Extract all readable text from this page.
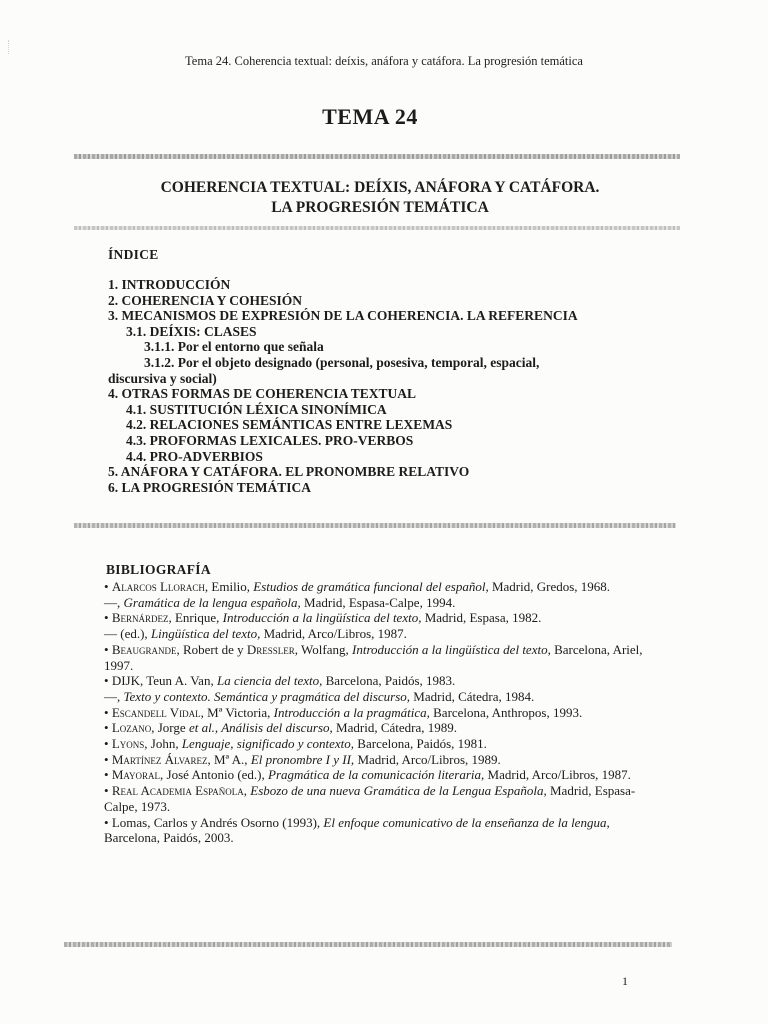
Tema 24. Coherencia textual: deíxis, anáfora y catáfora. La progresión temática
TEMA 24
COHERENCIA TEXTUAL: DEÍXIS, ANÁFORA Y CATÁFORA.
LA PROGRESIÓN TEMÁTICA
ÍNDICE
1. INTRODUCCIÓN
2. COHERENCIA Y COHESIÓN
3. MECANISMOS DE EXPRESIÓN DE LA COHERENCIA. LA REFERENCIA
3.1. DEÍXIS: CLASES
3.1.1. Por el entorno que señala
3.1.2. Por el objeto designado (personal, posesiva, temporal, espacial,
discursiva y social)
4. OTRAS FORMAS DE COHERENCIA TEXTUAL
4.1. SUSTITUCIÓN LÉXICA SINONÍMICA
4.2. RELACIONES SEMÁNTICAS ENTRE LEXEMAS
4.3. PROFORMAS LEXICALES. PRO-VERBOS
4.4. PRO-ADVERBIOS
5. ANÁFORA Y CATÁFORA. EL PRONOMBRE RELATIVO
6. LA PROGRESIÓN TEMÁTICA
BIBLIOGRAFÍA

• Alarcos Llorach, Emilio, Estudios de gramática funcional del español, Madrid, Gredos, 1968.

—, Gramática de la lengua española, Madrid, Espasa-Calpe, 1994.

• Bernárdez, Enrique, Introducción a la lingüística del texto, Madrid, Espasa, 1982.

— (ed.), Lingüística del texto, Madrid, Arco/Libros, 1987.

• Beaugrande, Robert de y Dressler, Wolfang, Introducción a la lingüística del texto, Barcelona, Ariel, 1997.

• DIJK, Teun A. Van, La ciencia del texto, Barcelona, Paidós, 1983.

—, Texto y contexto. Semántica y pragmática del discurso, Madrid, Cátedra, 1984.

• Escandell Vidal, Mª Victoria, Introducción a la pragmática, Barcelona, Anthropos, 1993.

• Lozano, Jorge et al., Análisis del discurso, Madrid, Cátedra, 1989.

• Lyons, John, Lenguaje, significado y contexto, Barcelona, Paidós, 1981.

• Martínez Álvarez, Mª A., El pronombre I y II, Madrid, Arco/Libros, 1989.

• Mayoral, José Antonio (ed.), Pragmática de la comunicación literaria, Madrid, Arco/Libros, 1987.

• Real Academia Española, Esbozo de una nueva Gramática de la Lengua Española, Madrid, Espasa-Calpe, 1973.

• Lomas, Carlos y Andrés Osorno (1993), El enfoque comunicativo de la enseñanza de la lengua, Barcelona, Paidós, 2003.

1
